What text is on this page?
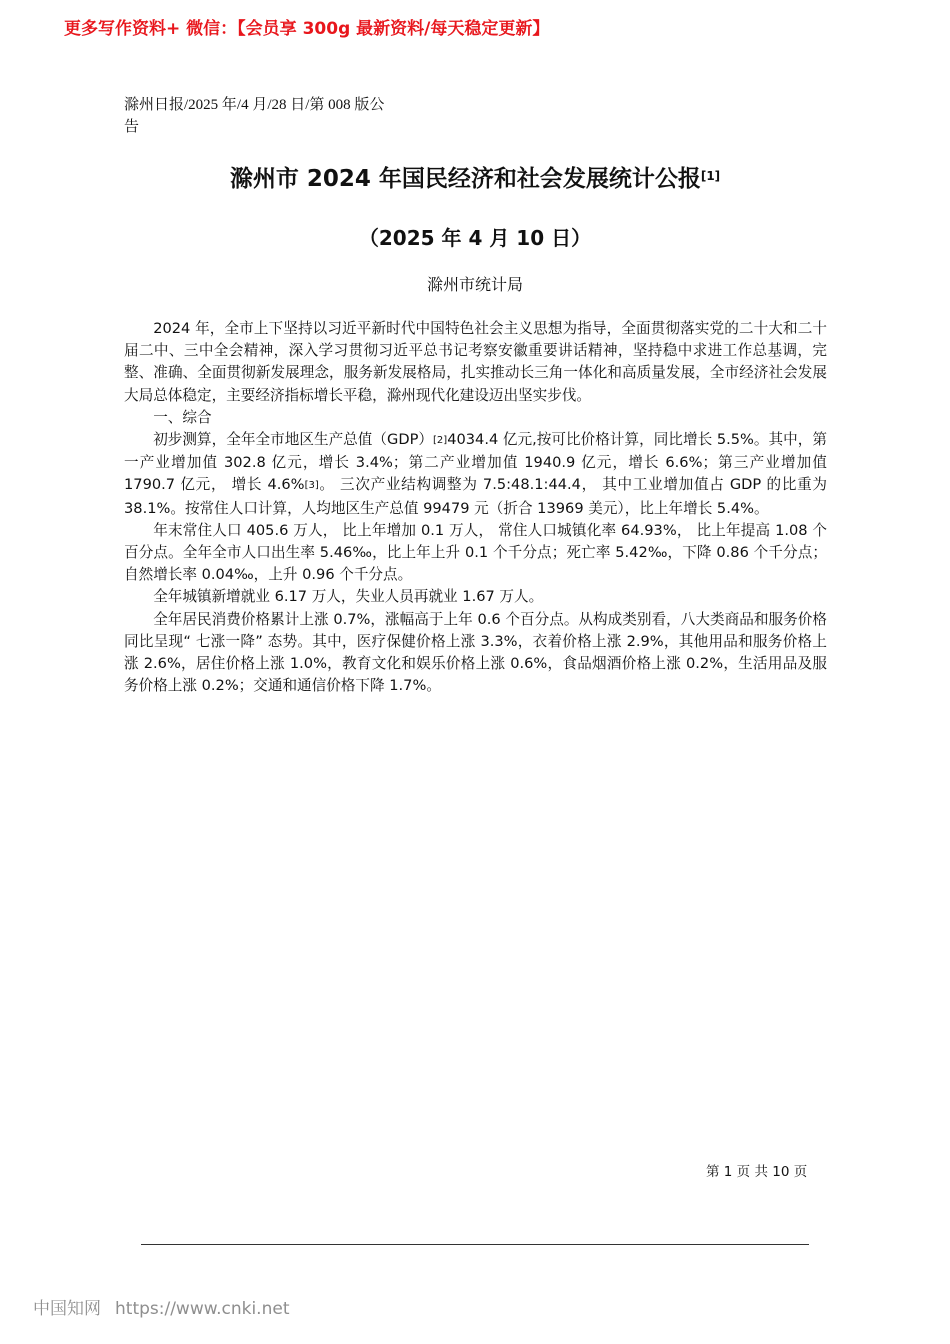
更多写作资料+ 微信：【会员享 300g 最新资料/每天稳定更新】
滁州日报/2025 年/4 月/28 日/第 008 版公告
滁州市 2024 年国民经济和社会发展统计公报[1]
（2025 年 4 月 10 日）
滁州市统计局

2024 年，全市上下坚持以习近平新时代中国特色社会主义思想为指导，全面贯彻落实党的二十大和二十届二中、三中全会精神，深入学习贯彻习近平总书记考察安徽重要讲话精神，坚持稳中求进工作总基调，完整、准确、全面贯彻新发展理念，服务新发展格局，扎实推动长三角一体化和高质量发展，全市经济社会发展大局总体稳定，主要经济指标增长平稳，滁州现代化建设迈出坚实步伐。

一、综合

初步测算，全年全市地区生产总值（GDP）[2]4034.4 亿元,按可比价格计算，同比增长 5.5%。其中，第一产业增加值 302.8 亿元，增长 3.4%；第二产业增加值 1940.9 亿元，增长 6.6%；第三产业增加值 1790.7 亿元， 增长 4.6%[3]。 三次产业结构调整为 7.5:48.1:44.4， 其中工业增加值占 GDP 的比重为 38.1%。按常住人口计算，人均地区生产总值 99479 元（折合 13969 美元），比上年增长 5.4%。

年末常住人口 405.6 万人， 比上年增加 0.1 万人， 常住人口城镇化率 64.93%， 比上年提高 1.08 个百分点。全年全市人口出生率 5.46‰，比上年上升 0.1 个千分点；死亡率 5.42‰，下降 0.86 个千分点；自然增长率 0.04‰，上升 0.96 个千分点。

全年城镇新增就业 6.17 万人，失业人员再就业 1.67 万人。

全年居民消费价格累计上涨 0.7%，涨幅高于上年 0.6 个百分点。从构成类别看，八大类商品和服务价格同比呈现“ 七涨一降” 态势。其中，医疗保健价格上涨 3.3%，衣着价格上涨 2.9%，其他用品和服务价格上涨 2.6%，居住价格上涨 1.0%，教育文化和娱乐价格上涨 0.6%，食品烟酒价格上涨 0.2%，生活用品及服务价格上涨 0.2%；交通和通信价格下降 1.7%。

第 1 页 共 10 页
中国知网 https://www.cnki.net
